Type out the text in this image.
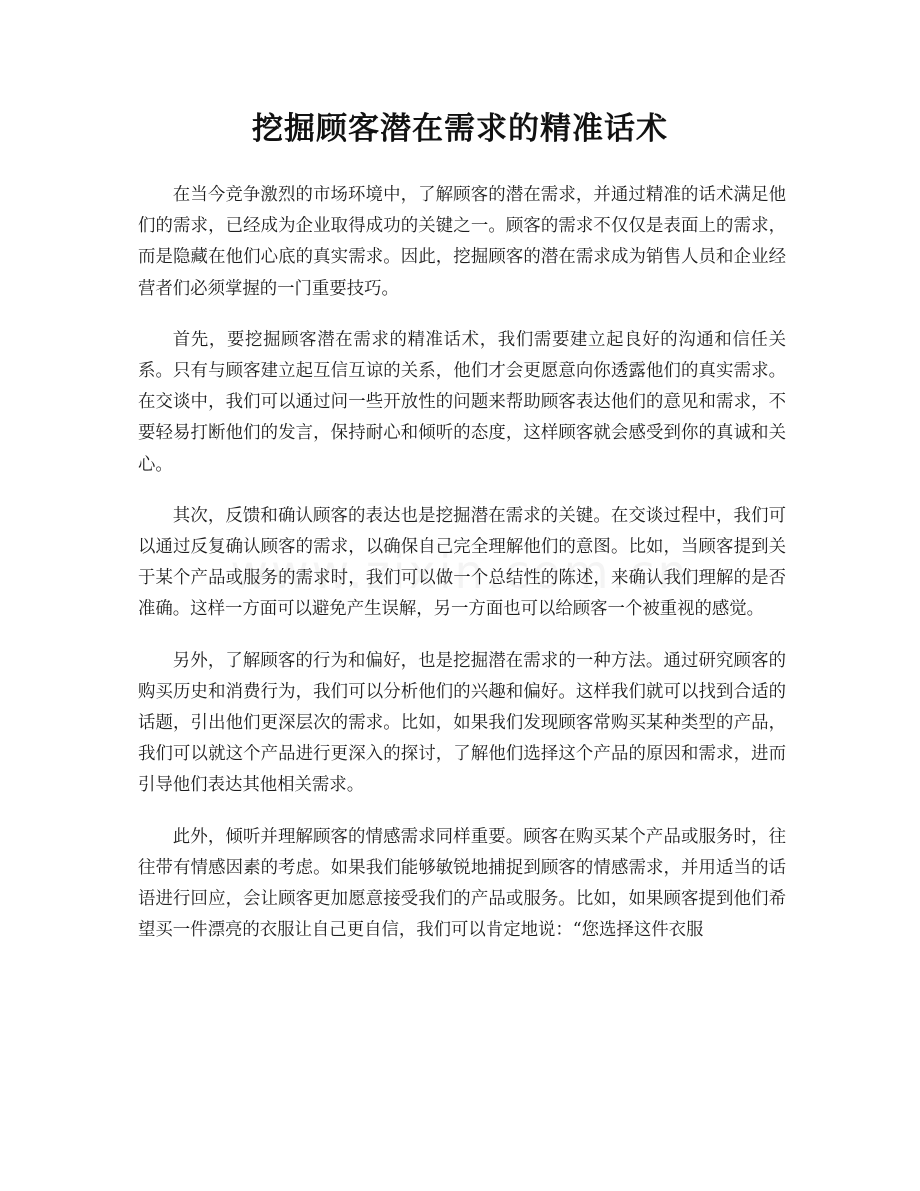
挖掘顾客潜在需求的精准话术

在当今竞争激烈的市场环境中，了解顾客的潜在需求，并通过精准的话术满足他们的需求，已经成为企业取得成功的关键之一。顾客的需求不仅仅是表面上的需求，而是隐藏在他们心底的真实需求。因此，挖掘顾客的潜在需求成为销售人员和企业经营者们必须掌握的一门重要技巧。

首先，要挖掘顾客潜在需求的精准话术，我们需要建立起良好的沟通和信任关系。只有与顾客建立起互信互谅的关系，他们才会更愿意向你透露他们的真实需求。在交谈中，我们可以通过问一些开放性的问题来帮助顾客表达他们的意见和需求，不要轻易打断他们的发言，保持耐心和倾听的态度，这样顾客就会感受到你的真诚和关心。

其次，反馈和确认顾客的表达也是挖掘潜在需求的关键。在交谈过程中，我们可以通过反复确认顾客的需求，以确保自己完全理解他们的意图。比如，当顾客提到关于某个产品或服务的需求时，我们可以做一个总结性的陈述，来确认我们理解的是否准确。这样一方面可以避免产生误解，另一方面也可以给顾客一个被重视的感觉。

另外，了解顾客的行为和偏好，也是挖掘潜在需求的一种方法。通过研究顾客的购买历史和消费行为，我们可以分析他们的兴趣和偏好。这样我们就可以找到合适的话题，引出他们更深层次的需求。比如，如果我们发现顾客常购买某种类型的产品，我们可以就这个产品进行更深入的探讨，了解他们选择这个产品的原因和需求，进而引导他们表达其他相关需求。

此外，倾听并理解顾客的情感需求同样重要。顾客在购买某个产品或服务时，往往带有情感因素的考虑。如果我们能够敏锐地捕捉到顾客的情感需求，并用适当的话语进行回应，会让顾客更加愿意接受我们的产品或服务。比如，如果顾客提到他们希望买一件漂亮的衣服让自己更自信，我们可以肯定地说：“您选择这件衣服
